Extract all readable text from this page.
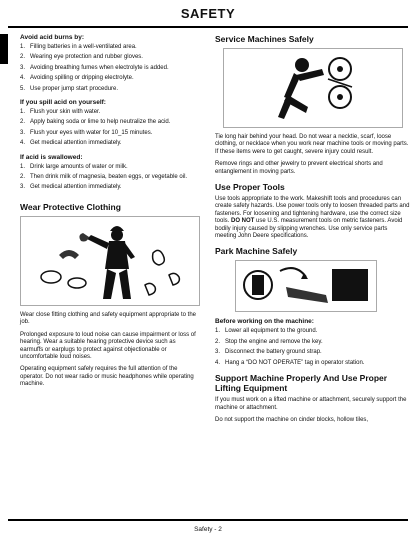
SAFETY
Avoid acid burns by:
1. Filling batteries in a well-ventilated area.
2. Wearing eye protection and rubber gloves.
3. Avoiding breathing fumes when electrolyte is added.
4. Avoiding spilling or dripping electrolyte.
5. Use proper jump start procedure.
If you spill acid on yourself:
1. Flush your skin with water.
2. Apply baking soda or lime to help neutralize the acid.
3. Flush your eyes with water for 10_15 minutes.
4. Get medical attention immediately.
If acid is swallowed:
1. Drink large amounts of water or milk.
2. Then drink milk of magnesia, beaten eggs, or vegetable oil.
3. Get medical attention immediately.
Wear Protective Clothing

Wear close fitting clothing and safety equipment appropriate to the job.

Prolonged exposure to loud noise can cause impairment or loss of hearing. Wear a suitable hearing protective device such as earmuffs or earplugs to protect against objectionable or uncomfortable loud noises.

Operating equipment safely requires the full attention of the operator. Do not wear radio or music headphones while operating machine.

Service Machines Safely

Tie long hair behind your head. Do not wear a necktie, scarf, loose clothing, or necklace when you work near machine tools or moving parts. If these items were to get caught, severe injury could result.

Remove rings and other jewelry to prevent electrical shorts and entanglement in moving parts.

Use Proper Tools

Use tools appropriate to the work. Makeshift tools and procedures can create safety hazards. Use power tools only to loosen threaded parts and fasteners. For loosening and tightening hardware, use the correct size tools. DO NOT use U.S. measurement tools on metric fasteners. Avoid bodily injury caused by slipping wrenches. Use only service parts meeting John Deere specifications.

Park Machine Safely
Before working on the machine:
1. Lower all equipment to the ground.
2. Stop the engine and remove the key.
3. Disconnect the battery ground strap.
4. Hang a “DO NOT OPERATE” tag in operator station.
Support Machine Properly And Use Proper Lifting Equipment

If you must work on a lifted machine or attachment, securely support the machine or attachment.

Do not support the machine on cinder blocks, hollow tiles,

Safety - 2
